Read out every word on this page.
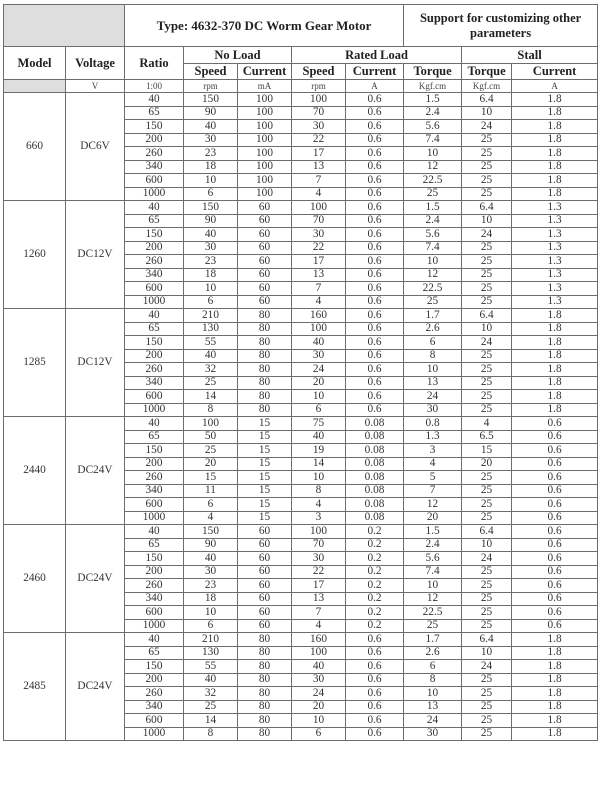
		Type: 4632-370 DC Worm Gear Motor					Support for customizing other parameters		
Model	Voltage	Ratio	No Load		Rated Load			Stall	
			Speed	Current	Speed	Current	Torque	Torque	Current
	V	1:00	rpm	mA	rpm	A	Kgf.cm	Kgf.cm	A
660	DC6V	40	150	100	100	0.6	1.5	6.4	1.8
		65	90	100	70	0.6	2.4	10	1.8
		150	40	100	30	0.6	5.6	24	1.8
		200	30	100	22	0.6	7.4	25	1.8
		260	23	100	17	0.6	10	25	1.8
		340	18	100	13	0.6	12	25	1.8
		600	10	100	7	0.6	22.5	25	1.8
		1000	6	100	4	0.6	25	25	1.8
1260	DC12V	40	150	60	100	0.6	1.5	6.4	1.3
		65	90	60	70	0.6	2.4	10	1.3
		150	40	60	30	0.6	5.6	24	1.3
		200	30	60	22	0.6	7.4	25	1.3
		260	23	60	17	0.6	10	25	1.3
		340	18	60	13	0.6	12	25	1.3
		600	10	60	7	0.6	22.5	25	1.3
		1000	6	60	4	0.6	25	25	1.3
1285	DC12V	40	210	80	160	0.6	1.7	6.4	1.8
		65	130	80	100	0.6	2.6	10	1.8
		150	55	80	40	0.6	6	24	1.8
		200	40	80	30	0.6	8	25	1.8
		260	32	80	24	0.6	10	25	1.8
		340	25	80	20	0.6	13	25	1.8
		600	14	80	10	0.6	24	25	1.8
		1000	8	80	6	0.6	30	25	1.8
2440	DC24V	40	100	15	75	0.08	0.8	4	0.6
		65	50	15	40	0.08	1.3	6.5	0.6
		150	25	15	19	0.08	3	15	0.6
		200	20	15	14	0.08	4	20	0.6
		260	15	15	10	0.08	5	25	0.6
		340	11	15	8	0.08	7	25	0.6
		600	6	15	4	0.08	12	25	0.6
		1000	4	15	3	0.08	20	25	0.6
2460	DC24V	40	150	60	100	0.2	1.5	6.4	0.6
		65	90	60	70	0.2	2.4	10	0.6
		150	40	60	30	0.2	5.6	24	0.6
		200	30	60	22	0.2	7.4	25	0.6
		260	23	60	17	0.2	10	25	0.6
		340	18	60	13	0.2	12	25	0.6
		600	10	60	7	0.2	22.5	25	0.6
		1000	6	60	4	0.2	25	25	0.6
2485	DC24V	40	210	80	160	0.6	1.7	6.4	1.8
		65	130	80	100	0.6	2.6	10	1.8
		150	55	80	40	0.6	6	24	1.8
		200	40	80	30	0.6	8	25	1.8
		260	32	80	24	0.6	10	25	1.8
		340	25	80	20	0.6	13	25	1.8
		600	14	80	10	0.6	24	25	1.8
		1000	8	80	6	0.6	30	25	1.8
